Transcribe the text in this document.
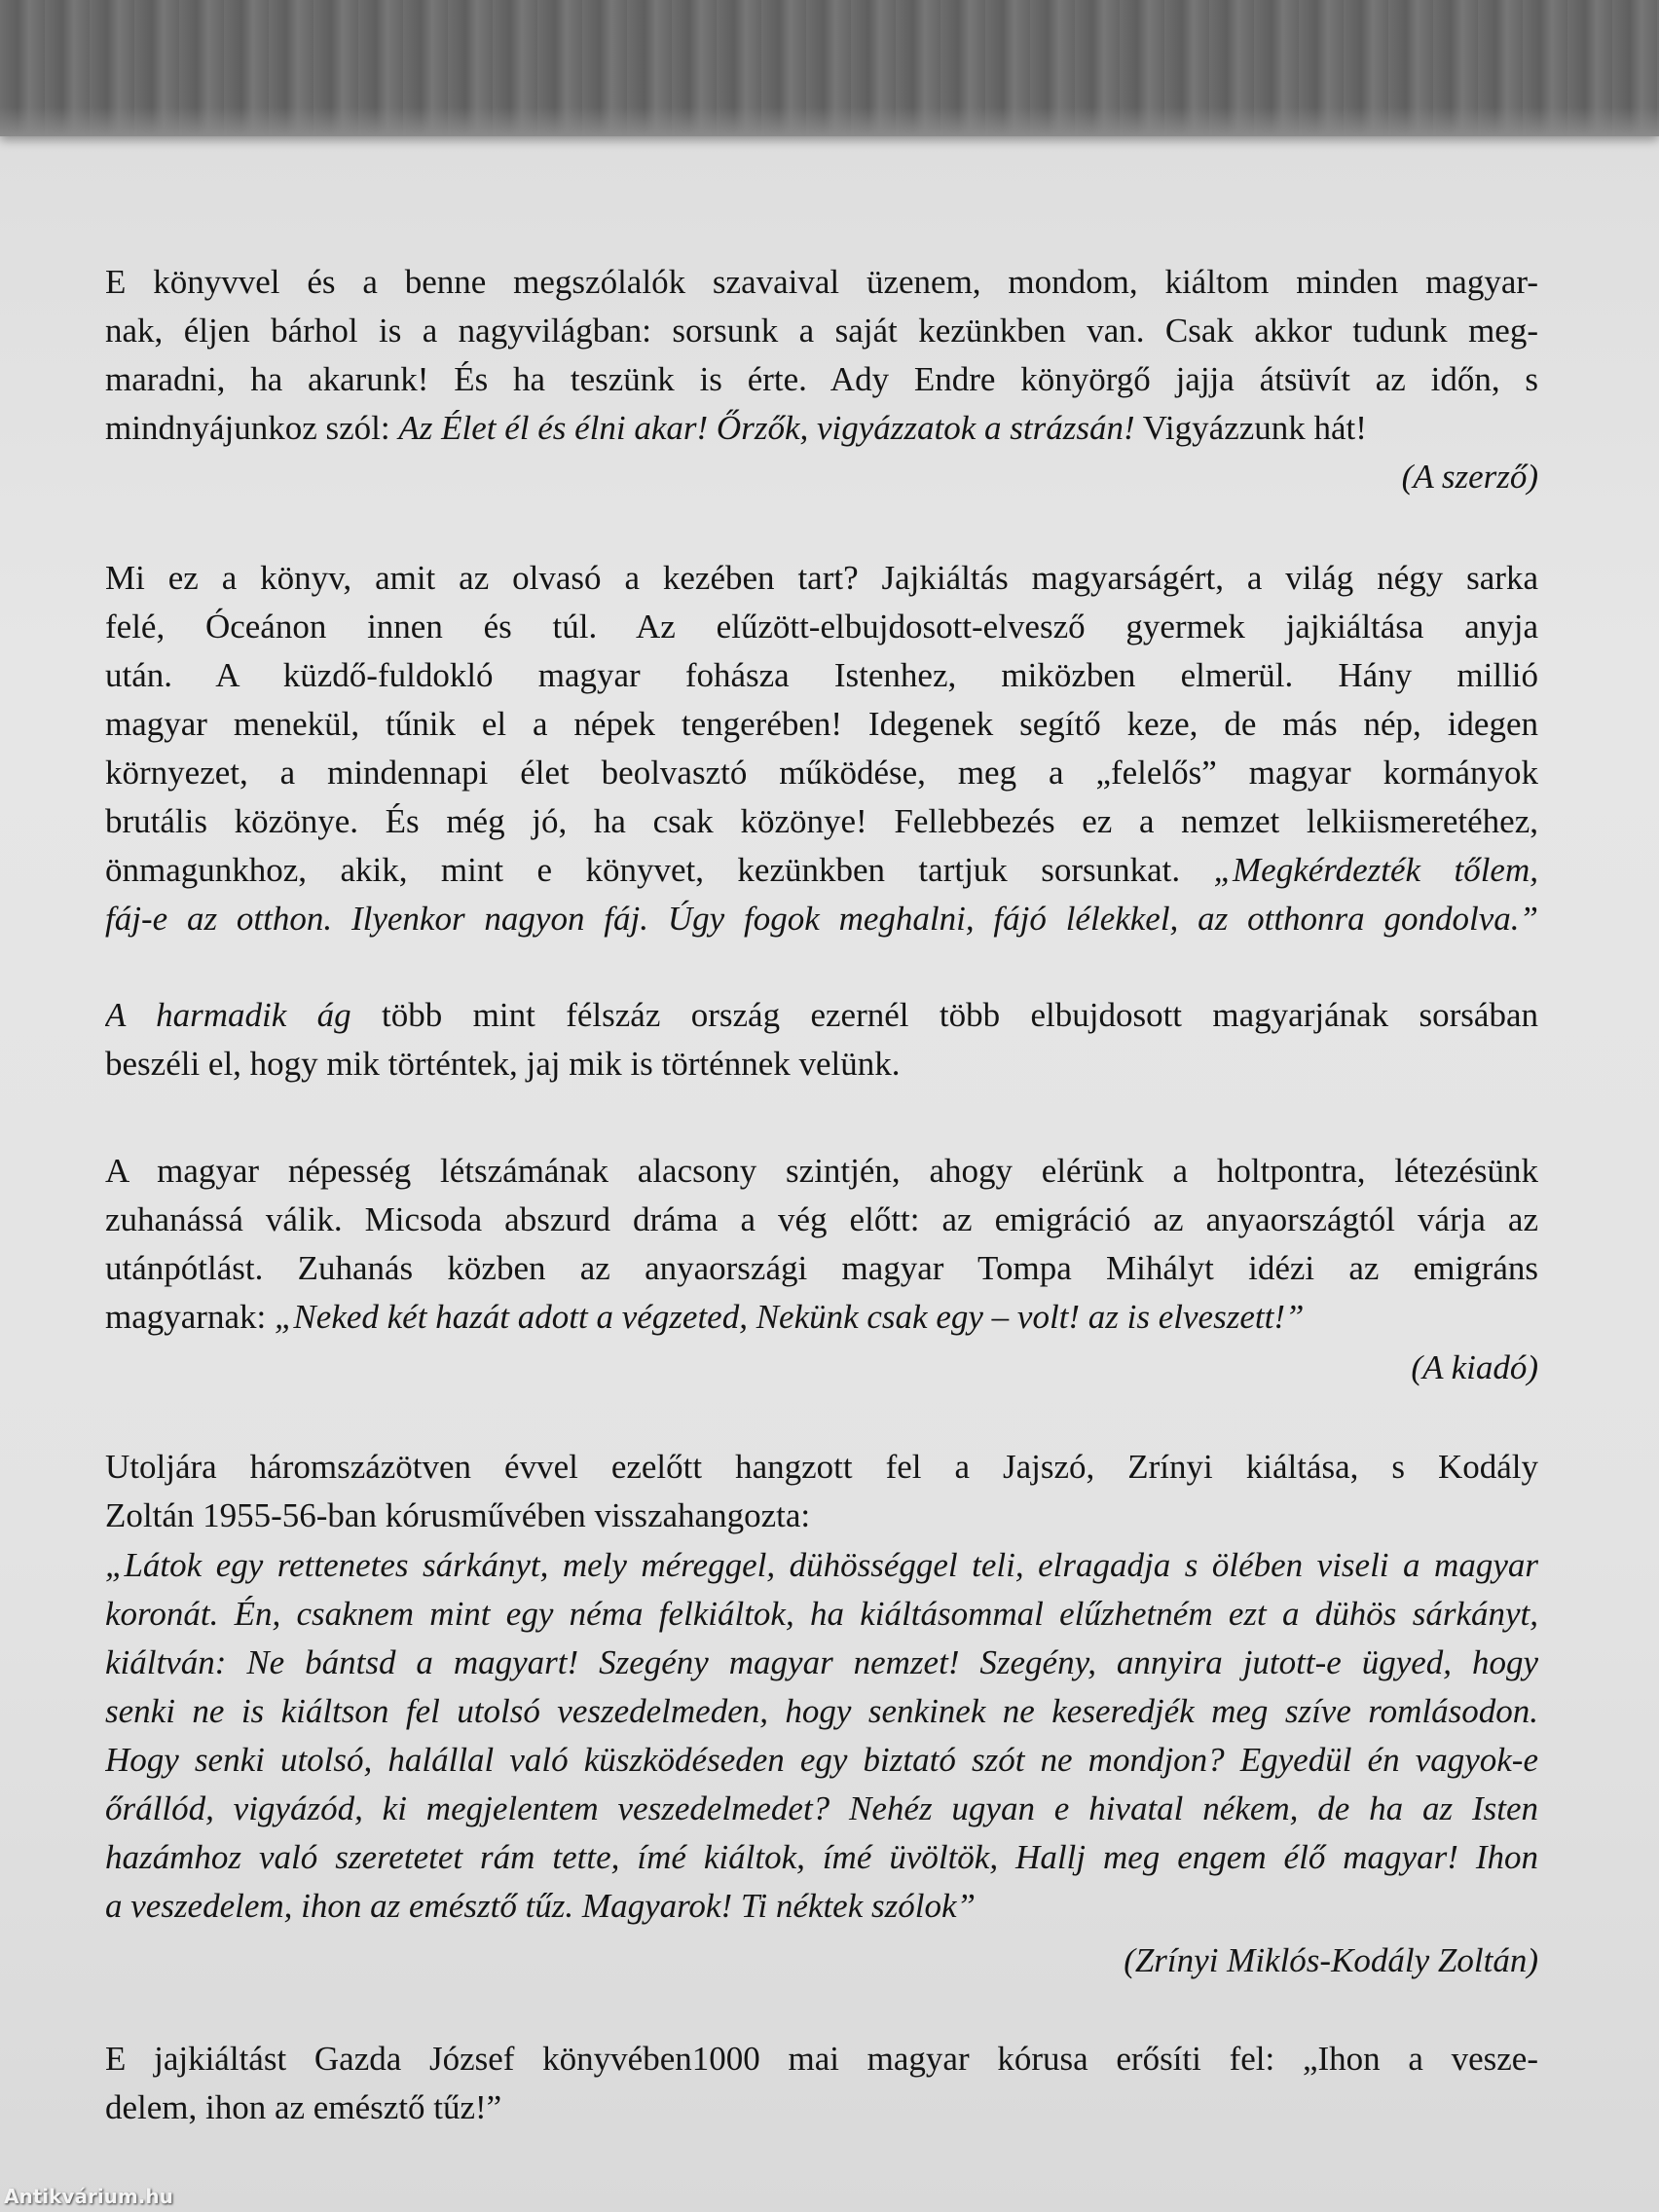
E könyvvel és a benne megszólalók szavaival üzenem, mondom, kiáltom minden magyar-
nak, éljen bárhol is a nagyvilágban: sorsunk a saját kezünkben van. Csak akkor tudunk meg-
maradni, ha akarunk! És ha teszünk is érte. Ady Endre könyörgő jajja átsüvít az időn, s
mindnyájunkoz szól: Az Élet él és élni akar! Őrzők, vigyázzatok a strázsán! Vigyázzunk hát!
(A szerző)
Mi ez a könyv, amit az olvasó a kezében tart? Jajkiáltás magyarságért, a világ négy sarka
felé, Óceánon innen és túl. Az elűzött-elbujdosott-elvesző gyermek jajkiáltása anyja
után. A küzdő-fuldokló magyar fohásza Istenhez, miközben elmerül. Hány millió
magyar menekül, tűnik el a népek tengerében! Idegenek segítő keze, de más nép, idegen
környezet, a mindennapi élet beolvasztó működése, meg a „felelős” magyar kormányok
brutális közönye. És még jó, ha csak közönye! Fellebbezés ez a nemzet lelkiismeretéhez,
önmagunkhoz, akik, mint e könyvet, kezünkben tartjuk sorsunkat. „Megkérdezték tőlem,
fáj-e az otthon. Ilyenkor nagyon fáj. Úgy fogok meghalni, fájó lélekkel, az otthonra gondolva.”
A harmadik ág több mint félszáz ország ezernél több elbujdosott magyarjának sorsában
beszéli el, hogy mik történtek, jaj mik is történnek velünk.
A magyar népesség létszámának alacsony szintjén, ahogy elérünk a holtpontra, létezésünk
zuhanássá válik. Micsoda abszurd dráma a vég előtt: az emigráció az anyaországtól várja az
utánpótlást. Zuhanás közben az anyaországi magyar Tompa Mihályt idézi az emigráns
magyarnak: „Neked két hazát adott a végzeted, Nekünk csak egy – volt! az is elveszett!”
(A kiadó)
Utoljára háromszázötven évvel ezelőtt hangzott fel a Jajszó, Zrínyi kiáltása, s Kodály
Zoltán 1955-56-ban kórusművében visszahangozta:
„Látok egy rettenetes sárkányt, mely méreggel, dühösséggel teli, elragadja s ölében viseli a magyar
koronát. Én, csaknem mint egy néma felkiáltok, ha kiáltásommal elűzhetném ezt a dühös sárkányt,
kiáltván: Ne bántsd a magyart! Szegény magyar nemzet! Szegény, annyira jutott-e ügyed, hogy
senki ne is kiáltson fel utolsó veszedelmeden, hogy senkinek ne keseredjék meg szíve romlásodon.
Hogy senki utolsó, halállal való küszködéseden egy biztató szót ne mondjon? Egyedül én vagyok-e
őrállód, vigyázód, ki megjelentem veszedelmedet? Nehéz ugyan e hivatal nékem, de ha az Isten
hazámhoz való szeretetet rám tette, ímé kiáltok, ímé üvöltök, Hallj meg engem élő magyar! Ihon
a veszedelem, ihon az emésztő tűz. Magyarok! Ti néktek szólok”
(Zrínyi Miklós-Kodály Zoltán)
E jajkiáltást Gazda József könyvében1000 mai magyar kórusa erősíti fel: „Ihon a vesze-
delem, ihon az emésztő tűz!”
Antikvárium.hu
